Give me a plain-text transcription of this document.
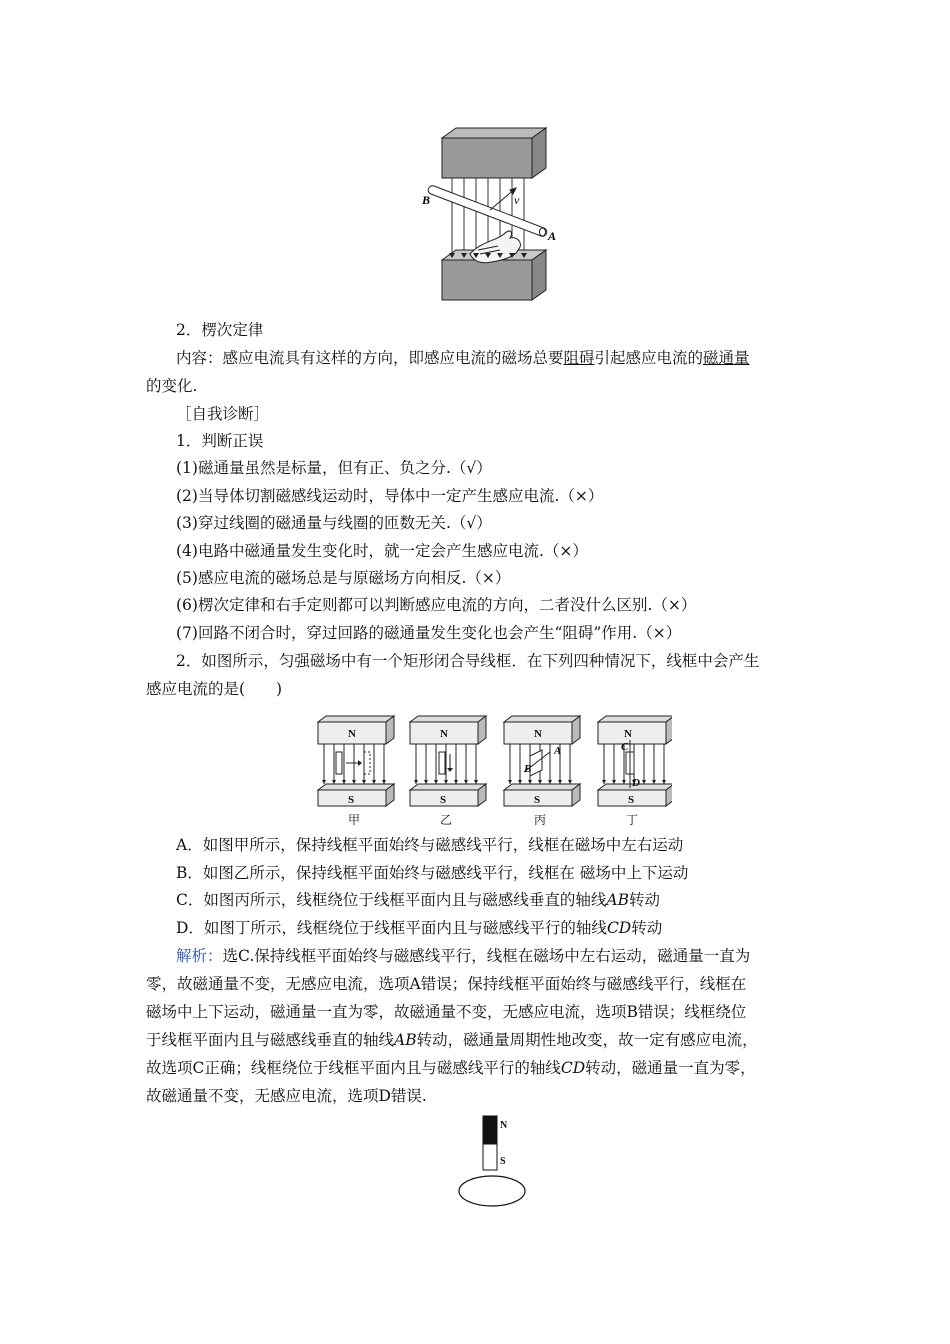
B
A
v
2．楞次定律
内容：感应电流具有这样的方向，即感应电流的磁场总要阻碍引起感应电流的磁通量
的变化.
［自我诊断］
1．判断正误
(1)磁通量虽然是标量，但有正、负之分.（√）
(2)当导体切割磁感线运动时，导体中一定产生感应电流.（×）
(3)穿过线圈的磁通量与线圈的匝数无关.（√）
(4)电路中磁通量发生变化时，就一定会产生感应电流.（×）
(5)感应电流的磁场总是与原磁场方向相反.（×）
(6)楞次定律和右手定则都可以判断感应电流的方向，二者没什么区别.（×）
(7)回路不闭合时，穿过回路的磁通量发生变化也会产生“阻碍”作用.（×）
2．如图所示，匀强磁场中有一个矩形闭合导线框．在下列四种情况下，线框中会产生
感应电流的是(　　)
N
S
N
S
N
S
N
S
A
B
C
D
甲	乙	丙	丁
A．如图甲所示，保持线框平面始终与磁感线平行，线框在磁场中左右运动
B．如图乙所示，保持线框平面始终与磁感线平行，线框在 磁场中上下运动
C．如图丙所示，线框绕位于线框平面内且与磁感线垂直的轴线AB转动
D．如图丁所示，线框绕位于线框平面内且与磁感线平行的轴线CD转动
解析：选C.保持线框平面始终与磁感线平行，线框在磁场中左右运动，磁通量一直为
零，故磁通量不变，无感应电流，选项A错误；保持线框平面始终与磁感线平行，线框在
磁场中上下运动，磁通量一直为零，故磁通量不变，无感应电流，选项B错误；线框绕位
于线框平面内且与磁感线垂直的轴线AB转动，磁通量周期性地改变，故一定有感应电流，
故选项C正确；线框绕位于线框平面内且与磁感线平行的轴线CD转动，磁通量一直为零，
故磁通量不变，无感应电流，选项D错误.
N
S
